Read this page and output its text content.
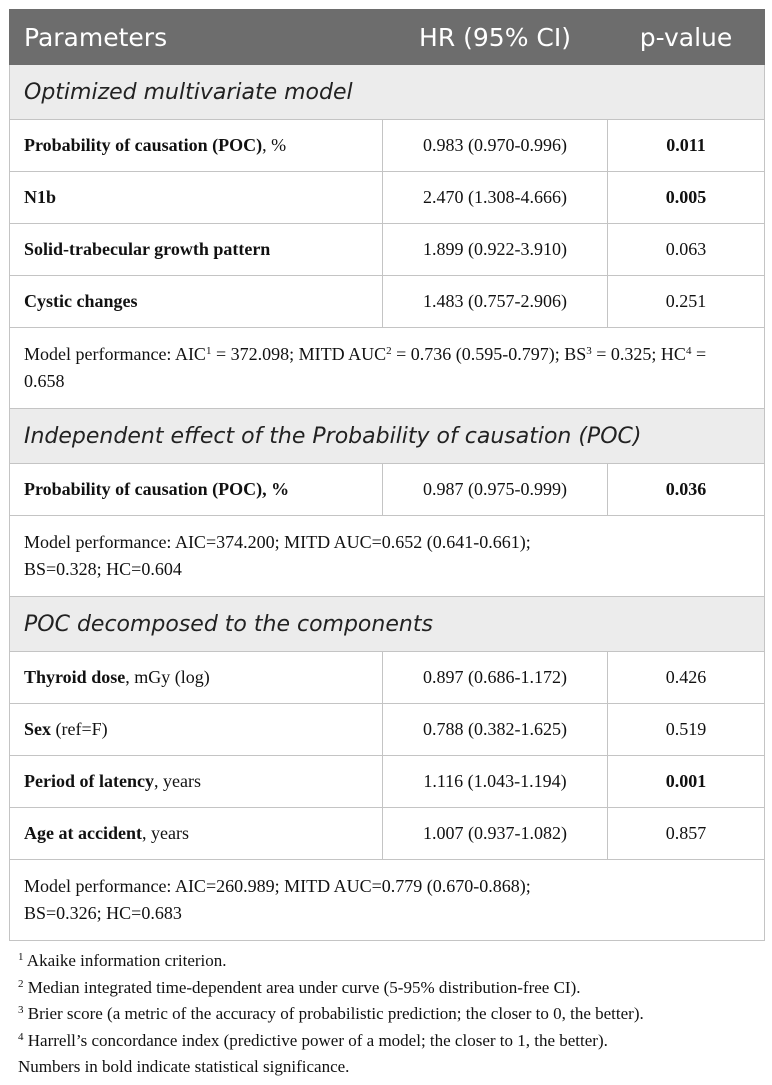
Parameters	HR (95% CI)	p-value
Optimized multivariate model		
Probability of causation (POC), %	0.983 (0.970-0.996)	0.011
N1b	2.470 (1.308-4.666)	0.005
Solid-trabecular growth pattern	1.899 (0.922-3.910)	0.063
Cystic changes	1.483 (0.757-2.906)	0.251
Model performance: $AIC^1 = 372.098$; MITD $AUC^2 = 0.736$ (0.595-0.797); $BS^3 = 0.325$; $HC^4 = 0.658$		
Independent effect of the Probability of causation (POC)		
Probability of causation (POC), %	0.987 (0.975-0.999)	0.036
Model performance: AIC=374.200; MITD AUC=0.652 (0.641-0.661);
BS=0.328; HC=0.604		
POC decomposed to the components		
Thyroid dose, mGy (log)	0.897 (0.686-1.172)	0.426
Sex (ref=F)	0.788 (0.382-1.625)	0.519
Period of latency, years	1.116 (1.043-1.194)	0.001
Age at accident, years	1.007 (0.937-1.082)	0.857
Model performance: AIC=260.989; MITD AUC=0.779 (0.670-0.868);
BS=0.326; HC=0.683		
$^1$ Akaike information criterion.
$^2$ Median integrated time-dependent area under curve (5-95% distribution-free CI).
$^3$ Brier score (a metric of the accuracy of probabilistic prediction; the closer to 0, the better).
$^4$ Harrell’s concordance index (predictive power of a model; the closer to 1, the better).
Numbers in bold indicate statistical significance.
